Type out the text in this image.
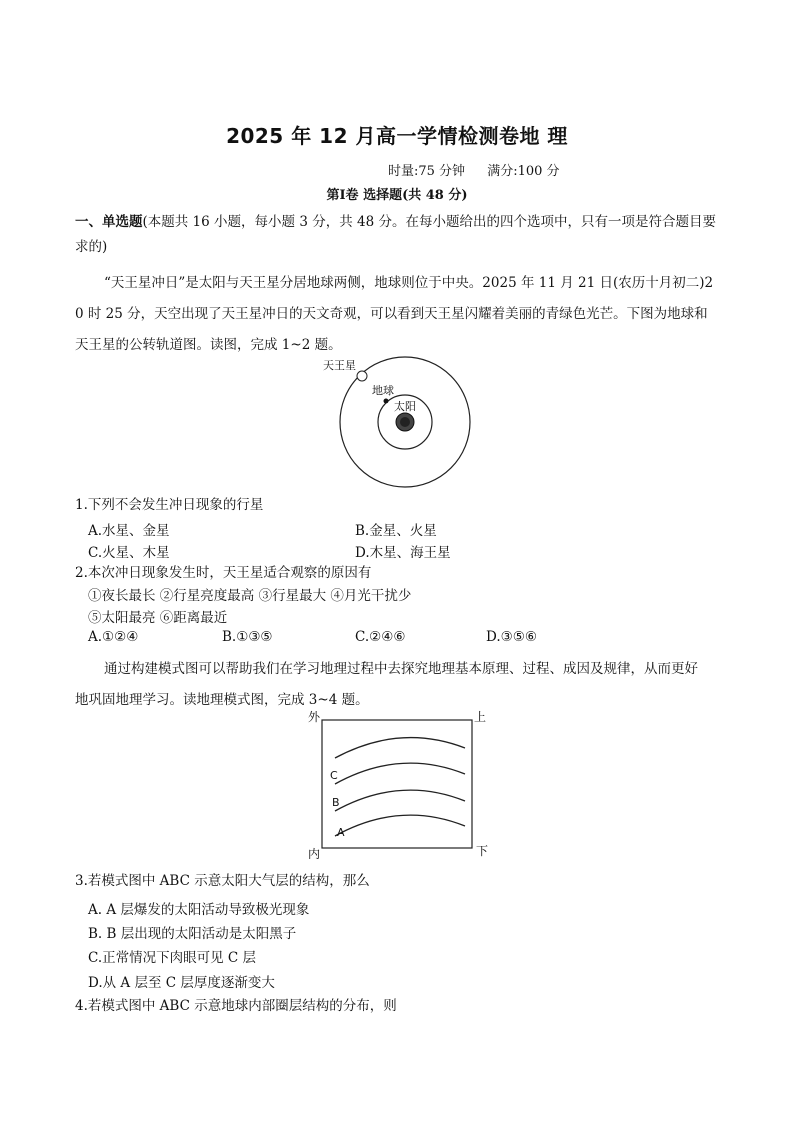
2025 年 12 月高一学情检测卷地 理
时量:75 分钟 满分:100 分
第Ⅰ卷 选择题(共 48 分)
一、单选题(本题共 16 小题，每小题 3 分，共 48 分。在每小题给出的四个选项中，只有一项是符合题目要
求的)
“天王星冲日”是太阳与天王星分居地球两侧，地球则位于中央。2025 年 11 月 21 日(农历十月初二)2
0 时 25 分，天空出现了天王星冲日的天文奇观，可以看到天王星闪耀着美丽的青绿色光芒。下图为地球和
天王星的公转轨道图。读图，完成 1~2 题。
天王星
地球
太阳
1.下列不会发生冲日现象的行星
A.水星、金星	B.金星、火星
C.火星、木星	D.木星、海王星
2.本次冲日现象发生时，天王星适合观察的原因有
①夜长最长 ②行星亮度最高 ③行星最大 ④月光干扰少
⑤太阳最亮 ⑥距离最近
A.①②④	B.①③⑤	C.②④⑥	D.③⑤⑥
通过构建模式图可以帮助我们在学习地理过程中去探究地理基本原理、过程、成因及规律，从而更好
地巩固地理学习。读地理模式图，完成 3~4 题。
外	上
内	下
C
B
A
3.若模式图中 ABC 示意太阳大气层的结构，那么
A. A 层爆发的太阳活动导致极光现象
B. B 层出现的太阳活动是太阳黑子
C.正常情况下肉眼可见 C 层
D.从 A 层至 C 层厚度逐渐变大
4.若模式图中 ABC 示意地球内部圈层结构的分布，则
